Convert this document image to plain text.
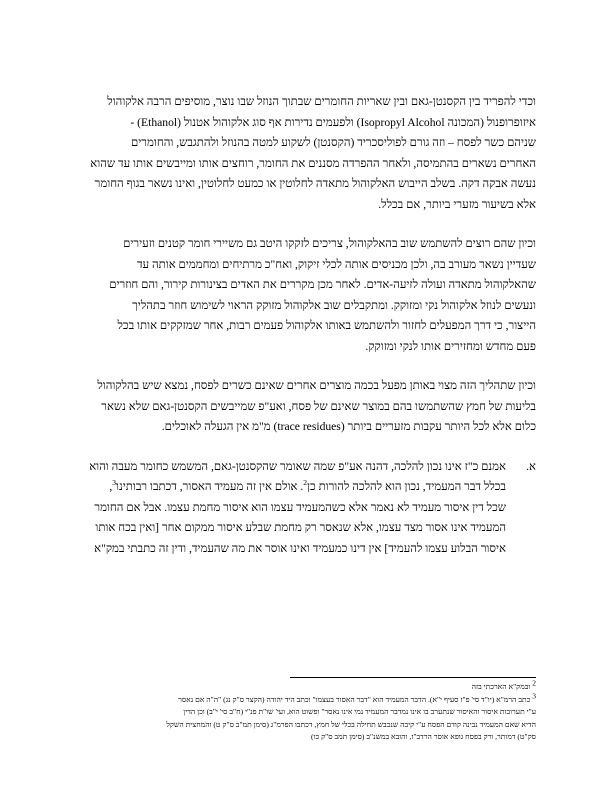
וכדי להפריד בין הקסנטן-גאם ובין שאריות החומרים שבתוך הנוזל שבו נוצר, מוסיפים הרבה אלקוהול
איזופרופנול (המכונה Isopropyl Alcohol) ולפעמים נדירות אף סוג אלקוהול אטנול (Ethanol) -
שניהם כשר לפסח – וזה גורם לפוליסכריד (הקסנטן) לשקוע למטה בהנוזל ולהתגבש, והחומרים
האחרים נשארים בהתמיסה, ולאחר ההפרדה מסננים את החומר, רוחצים אותו ומייבשים אותו עד שהוא
נעשה אבקה דקה. בשלב הייבוש האלקוהול מתאדה לחלוטין או כמעט לחלוטין, ואינו נשאר בגוף החומר
אלא בשיעור מזערי ביותר, אם בכלל.

וכיון שהם רוצים להשתמש שוב בהאלקוהול, צריכים לזקקו היטב גם משיירי חומר קטנים וזעירים
שעדיין נשאר מעורב בה, ולכן מכניסים אותה לכלי זיקוק, ואח"כ מרתיחים ומחממים אותה עד
שהאלקוהול מתאדה ועולה לזיעה-אדים. לאחר מכן מקררים את האדים בצינורות קירור, והם חוזרים
ונעשים לנוזל אלקוהול נקי ומזוקק. ומתקבלים שוב אלקוהול מזוקק הראוי לשימוש חוזר בתהליך
הייצור, כי דרך המפעלים לחזור ולהשתמש באותו אלקוהול פעמים רבות, אחר שמזקקים אותו בכל
פעם מחדש ומחזירים אותו לנקי ומזוקק.

וכיון שתהליך הזה מצוי באותן מפעל בכמה מוצרים אחרים שאינם כשרים לפסח, נמצא שיש בהלקוהול
בליעות של חמץ שהשתמשו בהם במוצר שאינם של פסח, ואע"פ שמייבשים הקסנטן-גאם שלא נשאר
כלום אלא לכל היותר עקבות מזעריים ביותר (trace residues) מ"מ אין הגעלה לאוכלים.

א.
אמנם כ"ז אינו נכון להלכה, דהנה אע"פ שמה שאומר שהקסנטן-גאם, המשמש כחומר מעבה והוא
בכלל דבר המעמיד, נכון הוא להלכה להורות כן$^2$. אולם אין זה מעמיד האסור, דכתבו רבותינו$^3$,
שכל דין איסור מעמיד לא נאמר אלא כשהמעמיד עצמו הוא איסור מחמת עצמו. אבל אם החומר
המעמיד אינו אסור מצד עצמו, אלא שנאסר רק מחמת שבלע איסור ממקום אחר [ואין בכח אותו
איסור הבלוע עצמו להעמיד] אין דינו כמעמיד ואינו אוסר את מה שהעמיד, ודין זה כתבתי במק"א
$^2$ ובמק"א הארכתי בזה
$^3$ כתב הרמ"א (יו"ד סי' פ"ז סעיף י"א). הדבר המעמיד הוא "דבר האסור בעצמו" וכתב היד יהודה (הקצר ס"ק נג) "ה"ה אם נאסר
ע"י תערובות איסור והאיסור שנתערב בו אינו נמדבר המעמיד נמי אינו נאסר" ופשוט הוא, ועי' שו"ת פנ"י (ח"ב סי' י"ב) וכן הדין
הדיא שאם המעמיד נבינה קודם הפסח ע"י קיבה שנכבש תחילה בכלי של חמץ, דכתבו הפרמ"ג (סימן תמ"ב ס"ק ט) והמחצית השקל
סק"ט) דמותר, ורק בפסח גופא אוסר הרדב"ז, והובא במשנ"ב (סימן תמב ס"ק כו)
